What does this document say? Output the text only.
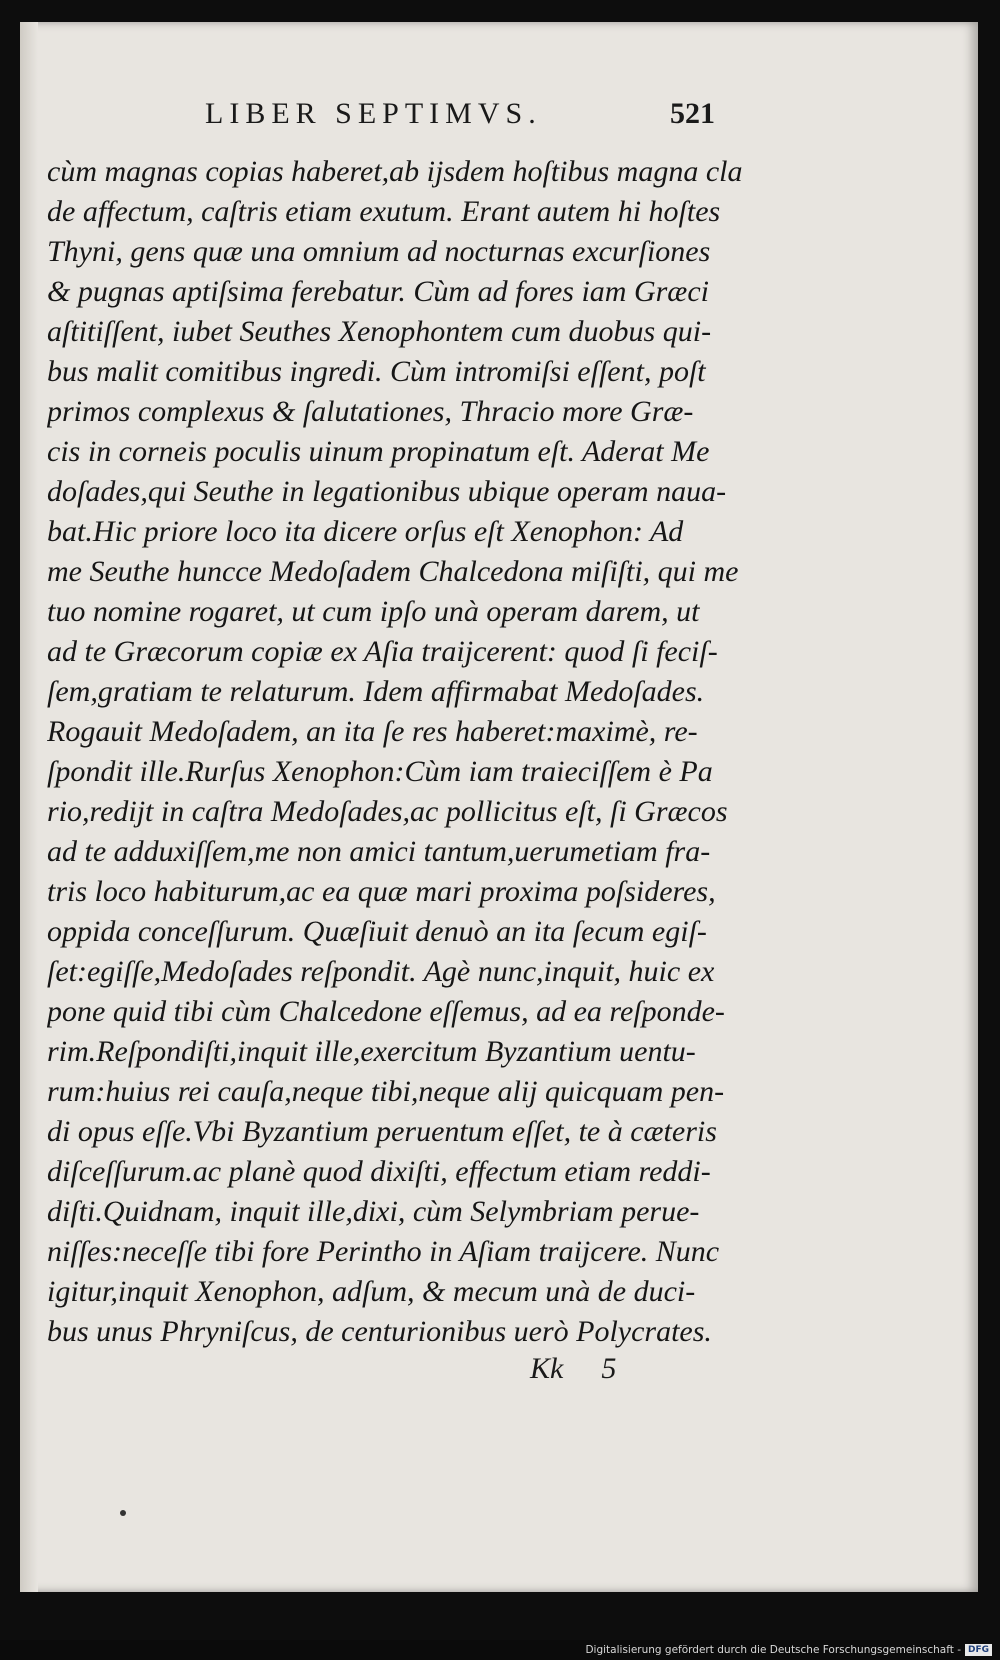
LIBER SEPTIMVS.	521
cùm magnas copias haberet,ab ijsdem hoſtibus magna cla
de affectum, caſtris etiam exutum. Erant autem hi hoſtes
Thyni, gens quæ una omnium ad nocturnas excurſiones
& pugnas aptiſsima ferebatur. Cùm ad fores iam Græci
aſtitiſſent, iubet Seuthes Xenophontem cum duobus qui-
bus malit comitibus ingredi. Cùm intromiſsi eſſent, poſt
primos complexus & ſalutationes, Thracio more Græ-
cis in corneis poculis uinum propinatum eſt. Aderat Me
doſades,qui Seuthe in legationibus ubique operam naua-
bat.Hic priore loco ita dicere orſus eſt Xenophon: Ad
me Seuthe huncce Medoſadem Chalcedona miſiſti, qui me
tuo nomine rogaret, ut cum ipſo unà operam darem, ut
ad te Græcorum copiæ ex Aſia traijcerent: quod ſi feciſ-
ſem,gratiam te relaturum. Idem affirmabat Medoſades.
Rogauit Medoſadem, an ita ſe res haberet:maximè, re-
ſpondit ille.Rurſus Xenophon:Cùm iam traieciſſem è Pa
rio,redijt in caſtra Medoſades,ac pollicitus eſt, ſi Græcos
ad te adduxiſſem,me non amici tantum,uerumetiam fra-
tris loco habiturum,ac ea quæ mari proxima poſsideres,
oppida conceſſurum. Quæſiuit denuò an ita ſecum egiſ-
ſet:egiſſe,Medoſades reſpondit. Agè nunc,inquit, huic ex
pone quid tibi cùm Chalcedone eſſemus, ad ea reſponde-
rim.Reſpondiſti,inquit ille,exercitum Byzantium uentu-
rum:huius rei cauſa,neque tibi,neque alij quicquam pen-
di opus eſſe.Vbi Byzantium peruentum eſſet, te à cæteris
diſceſſurum.ac planè quod dixiſti, effectum etiam reddi-
diſti.Quidnam, inquit ille,dixi, cùm Selymbriam perue-
niſſes:neceſſe tibi fore Perintho in Aſiam traijcere. Nunc
igitur,inquit Xenophon, adſum, & mecum unà de duci-
bus unus Phryniſcus, de centurionibus uerò Polycrates.
Kk 5
Digitalisierung gefördert durch die Deutsche Forschungsgemeinschaft - DFG
